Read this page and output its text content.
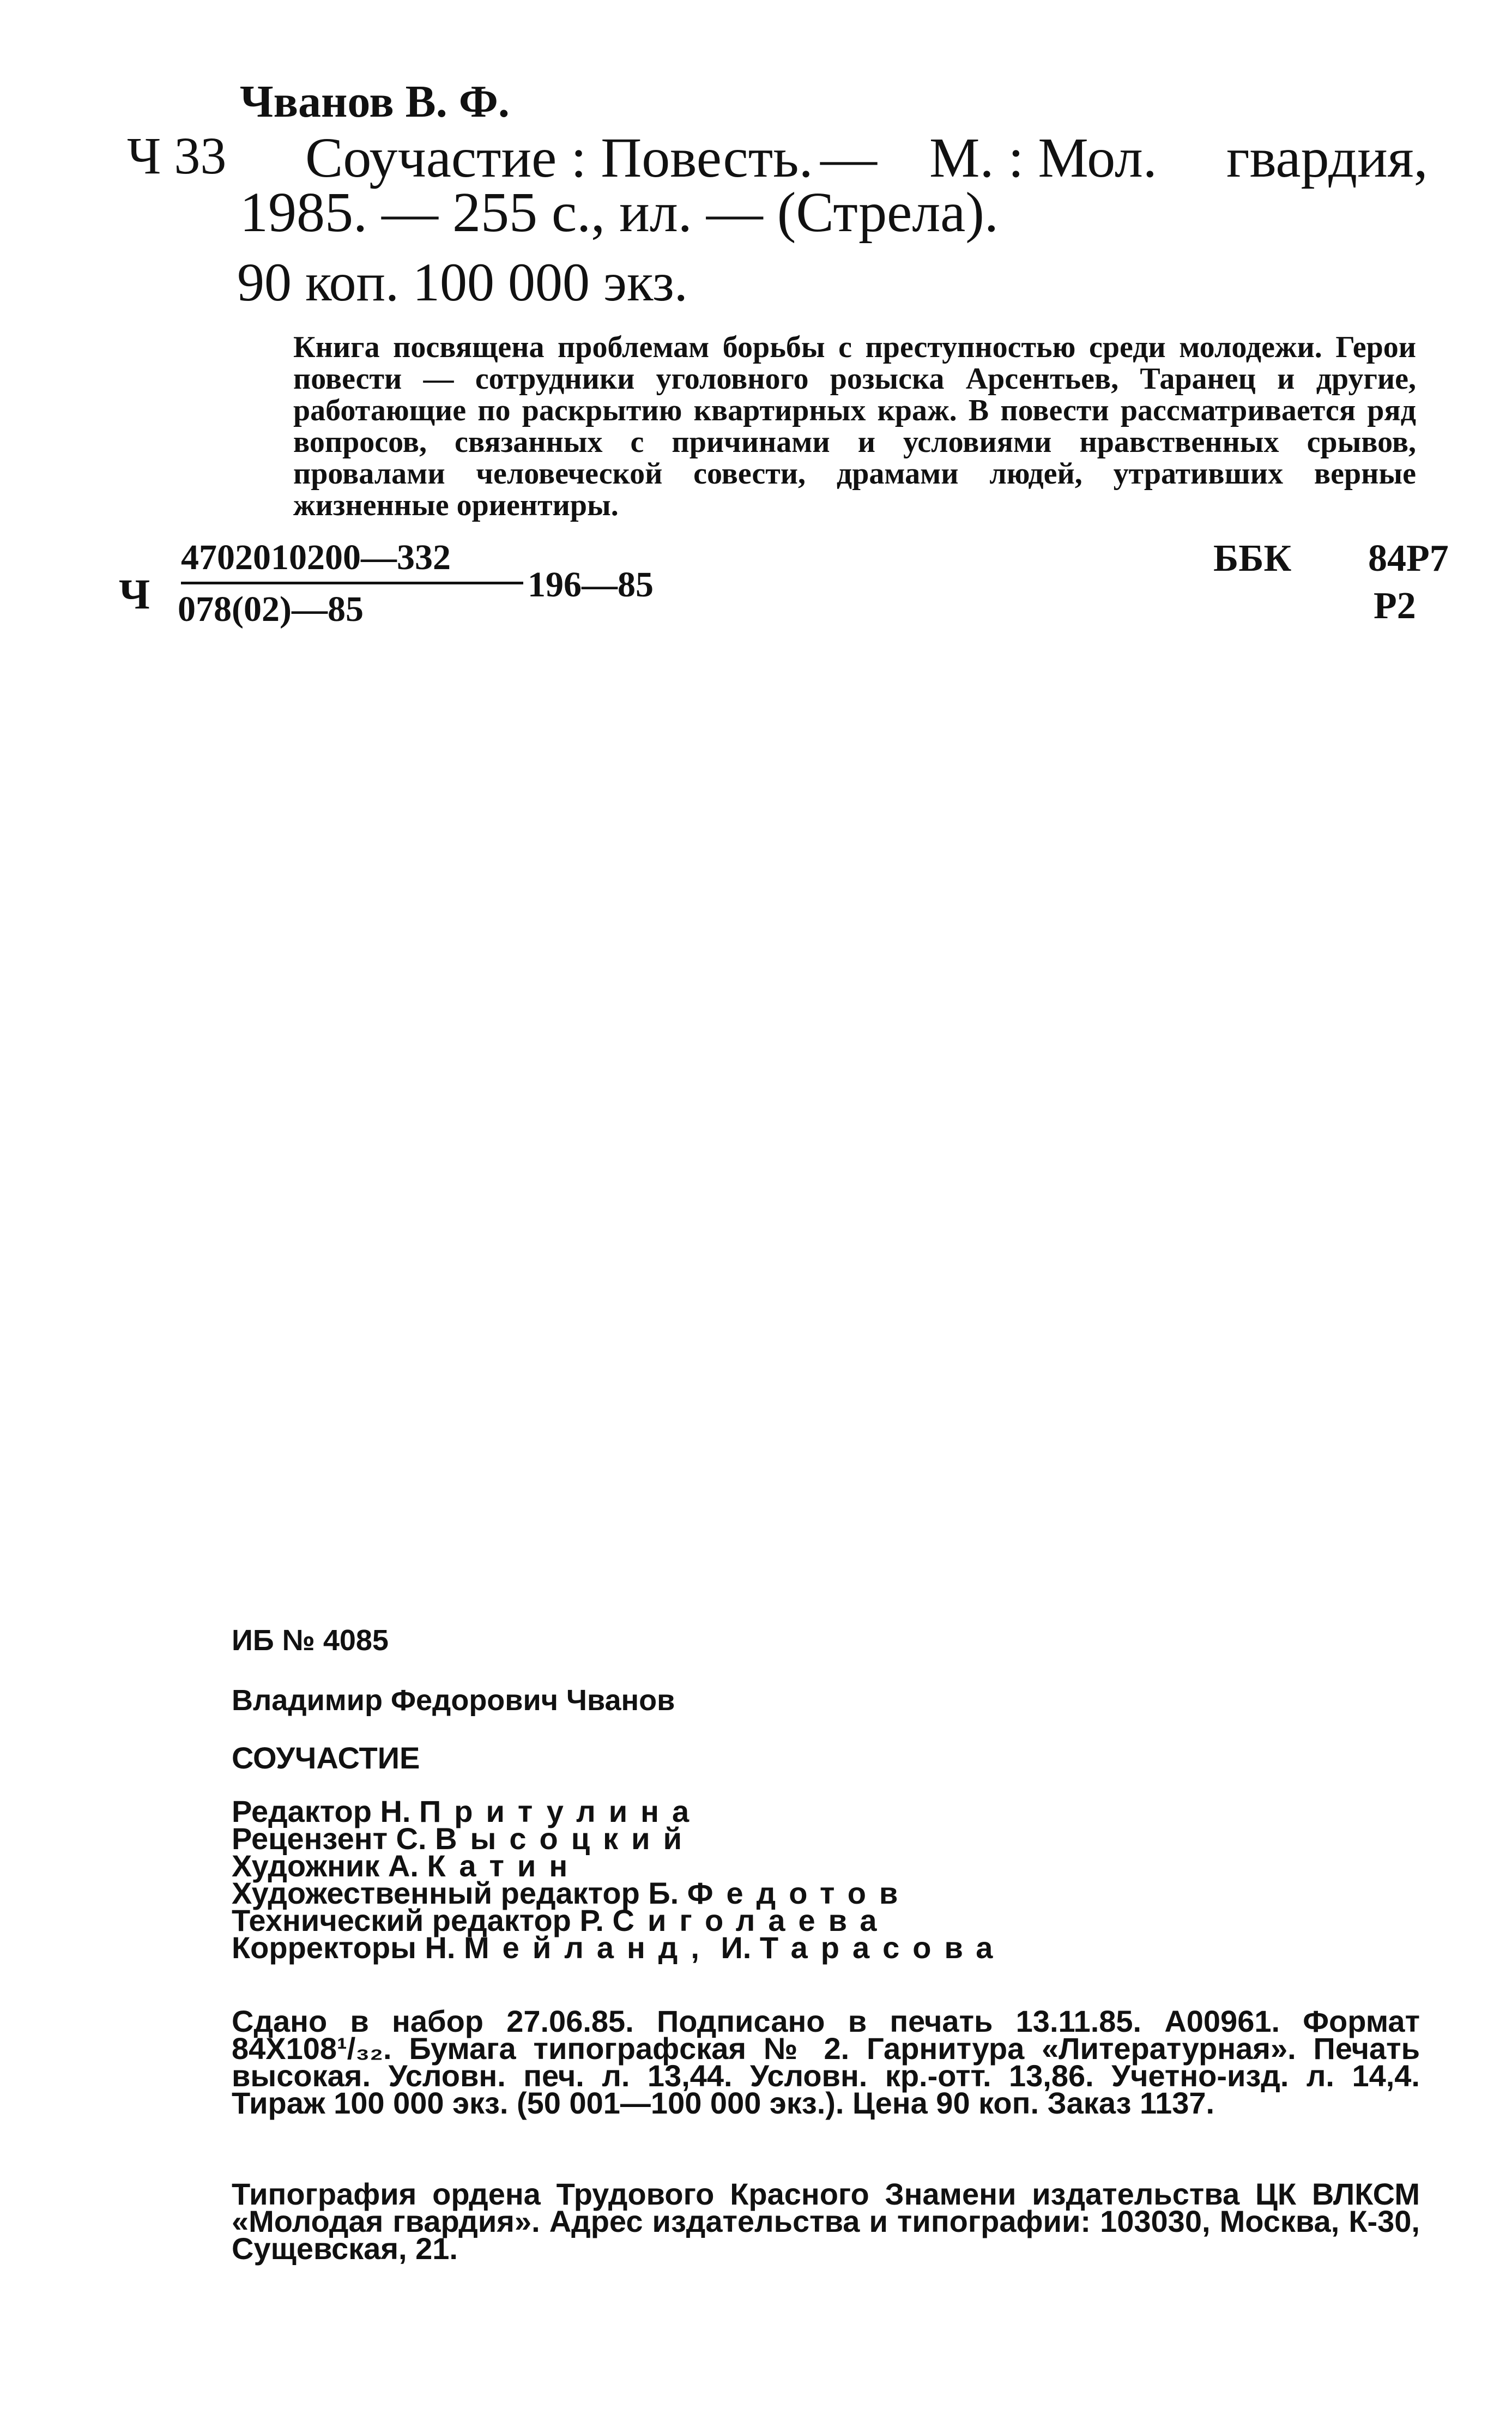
Чванов В. Ф.
Ч 33 Соучастие : Повесть. — М. : Мол. гвардия,
1985. — 255 с., ил. — (Стрела).
90 коп. 100 000 экз.

Книга посвящена проблемам борьбы с преступностью среди молодежи. Герои повести — сотрудники уголовного розыска Арсентьев, Таранец и другие, работающие по раскрытию квартирных краж. В повести рассматривается ряд вопросов, связанных с причинами и условиями нравственных срывов, провалами человеческой совести, драмами людей, утративших верные жизненные ориентиры.

Ч
4702010200—332
078(02)—85
196—85
ББК 84Р7
Р2
ИБ № 4085
Владимир Федорович Чванов
СОУЧАСТИЕ
Редактор Н. Притулина
Рецензент С. Высоцкий
Художник А. Катин
Художественный редактор Б. Федотов
Технический редактор Р. Сиголаева
Корректоры Н. Мейланд, И. Тарасова

Сдано в набор 27.06.85. Подписано в печать 13.11.85. А00961. Формат 84Х108¹/₃₂. Бумага типографская № 2. Гарнитура «Литературная». Печать высокая. Условн. печ. л. 13,44. Условн. кр.-отт. 13,86. Учетно-изд. л. 14,4. Тираж 100 000 экз. (50 001—100 000 экз.). Цена 90 коп. Заказ 1137.

Типография ордена Трудового Красного Знамени издательства ЦК ВЛКСМ «Молодая гвардия». Адрес издательства и типографии: 103030, Москва, К-30, Сущевская, 21.
